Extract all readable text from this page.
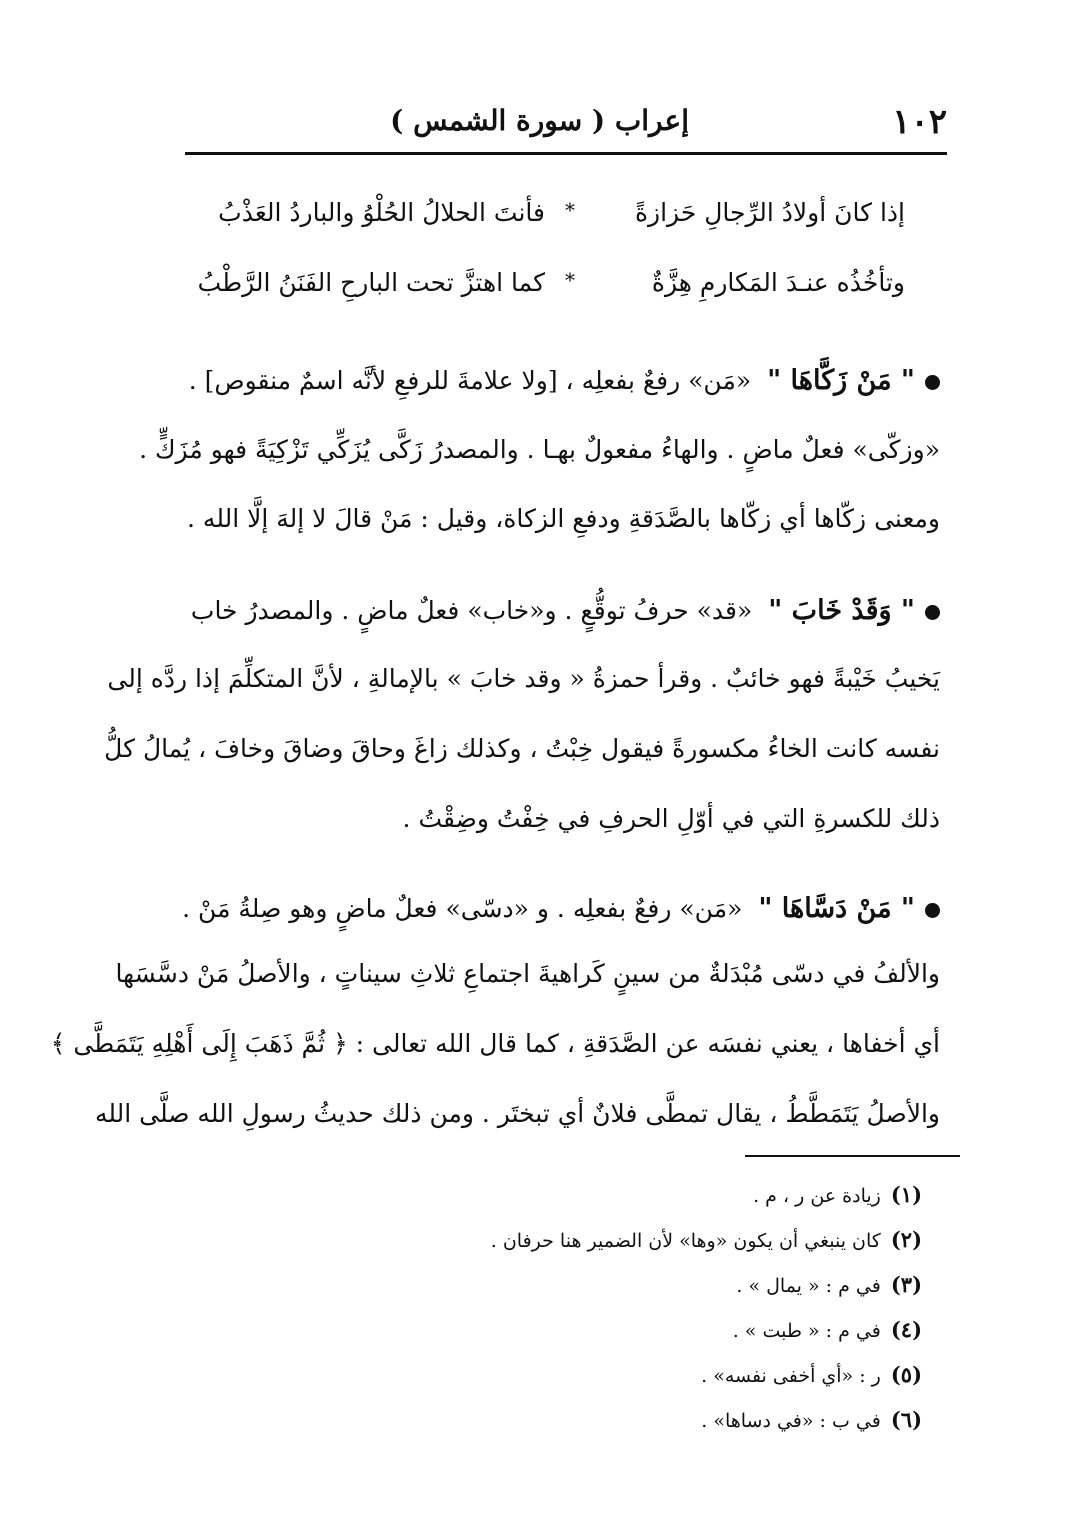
١٠٢
إعراب ( سورة الشمس )
إذا كانَ أولادُ الرِّجالِ حَزازةً
*
فأنتَ الحلالُ الحُلْوُ والباردُ العَذْبُ
وتأخُذُه عنـدَ المَكارمِ هِزَّةٌ
*
كما اهتزَّ تحت البارحِ الفَنَنُ الرَّطْبُ
" مَنْ زَكَّاهَا "  «مَن» رفعٌ بفعلِه ، [ولا علامةَ للرفعِ لأنَّه اسمٌ منقوص] .
«وزكّى» فعلٌ ماضٍ . والهاءُ مفعولٌ بهـا . والمصدرُ زَكَّى يُزَكِّي تَزْكِيَةً فهو مُزَكٍّ .
ومعنى زكّاها أي زكّاها بالصَّدَقةِ ودفعِ الزكاة، وقيل : مَنْ قالَ لا إلهَ إلَّا الله .
" وَقَدْ خَابَ "  «قد» حرفُ توقُّعٍ . و«خاب» فعلٌ ماضٍ . والمصدرُ خاب
يَخيبُ خَيْبةً فهو خائبٌ . وقرأ حمزةُ « وقد خابَ » بالإمالةِ ، لأنَّ المتكلِّمَ إذا ردَّه إلى
نفسه كانت الخاءُ مكسورةً فيقول خِبْتُ ، وكذلك زاغَ وحاقَ وضاقَ وخافَ ، يُمالُ كلُّ
ذلك للكسرةِ التي في أوّلِ الحرفِ في خِفْتُ وضِقْتُ .
" مَنْ دَسَّاهَا "  «مَن» رفعٌ بفعلِه . و «دسّى» فعلٌ ماضٍ وهو صِلةُ مَنْ .
والألفُ في دسّى مُبْدَلةٌ من سينٍ كَراهيةَ اجتماعِ ثلاثِ سيناتٍ ، والأصلُ مَنْ دسَّسَها
أي أخفاها ، يعني نفسَه عن الصَّدَقةِ ، كما قال الله تعالى : ﴿ ثُمَّ ذَهَبَ إِلَى أَهْلِهِ يَتَمَطَّى ﴾
والأصلُ يَتَمَطَّطُ ، يقال تمطَّى فلانٌ أي تبختَر . ومن ذلك حديثُ رسولِ الله صلَّى الله
(١)زيادة عن ر ، م .
(٢)كان ينبغي أن يكون «وها» لأن الضمير هنا حرفان .
(٣)في م : « يمال » .
(٤)في م : « طبت » .
(٥)ر : «أي أخفى نفسه» .
(٦)في ب : «في دساها» .
